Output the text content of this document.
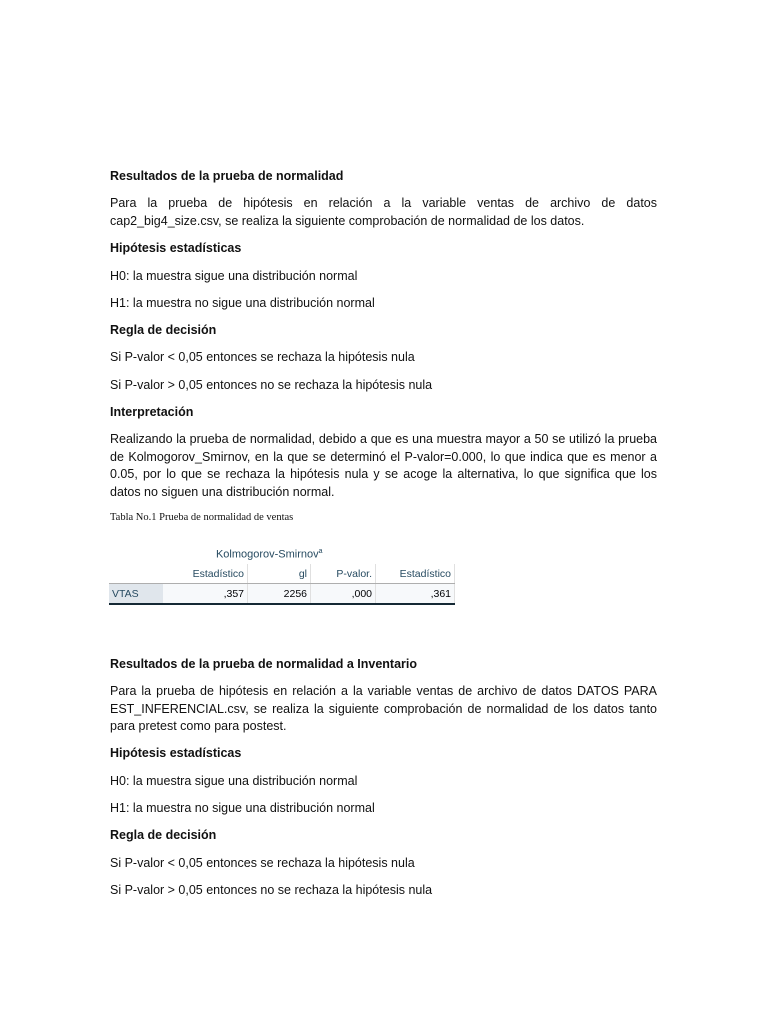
Resultados de la prueba de normalidad

Para la prueba de hipótesis en relación a la variable ventas de archivo de datos cap2_big4_size.csv, se realiza la siguiente comprobación de normalidad de los datos.

Hipótesis estadísticas

H0: la muestra sigue una distribución normal

H1: la muestra no sigue una distribución normal

Regla de decisión

Si P-valor < 0,05 entonces se rechaza la hipótesis nula

Si P-valor > 0,05 entonces no se rechaza la hipótesis nula

Interpretación

Realizando la prueba de normalidad, debido a que es una muestra mayor a 50 se utilizó la prueba de Kolmogorov_Smirnov, en la que se determinó el P-valor=0.000, lo que indica que es menor a 0.05, por lo que se rechaza la hipótesis nula y se acoge la alternativa, lo que significa que los datos no siguen una distribución normal.

Tabla No.1 Prueba de normalidad de ventas
	Kolmogorov-Smirnov$^a$	
	Estadístico	gl	P-valor.	Estadístico
VTAS	,357	2256	,000	,361

Resultados de la prueba de normalidad a Inventario

Para la prueba de hipótesis en relación a la variable ventas de archivo de datos DATOS PARA EST_INFERENCIAL.csv, se realiza la siguiente comprobación de normalidad de los datos tanto para pretest como para postest.

Hipótesis estadísticas

H0: la muestra sigue una distribución normal

H1: la muestra no sigue una distribución normal

Regla de decisión

Si P-valor < 0,05 entonces se rechaza la hipótesis nula

Si P-valor > 0,05 entonces no se rechaza la hipótesis nula
